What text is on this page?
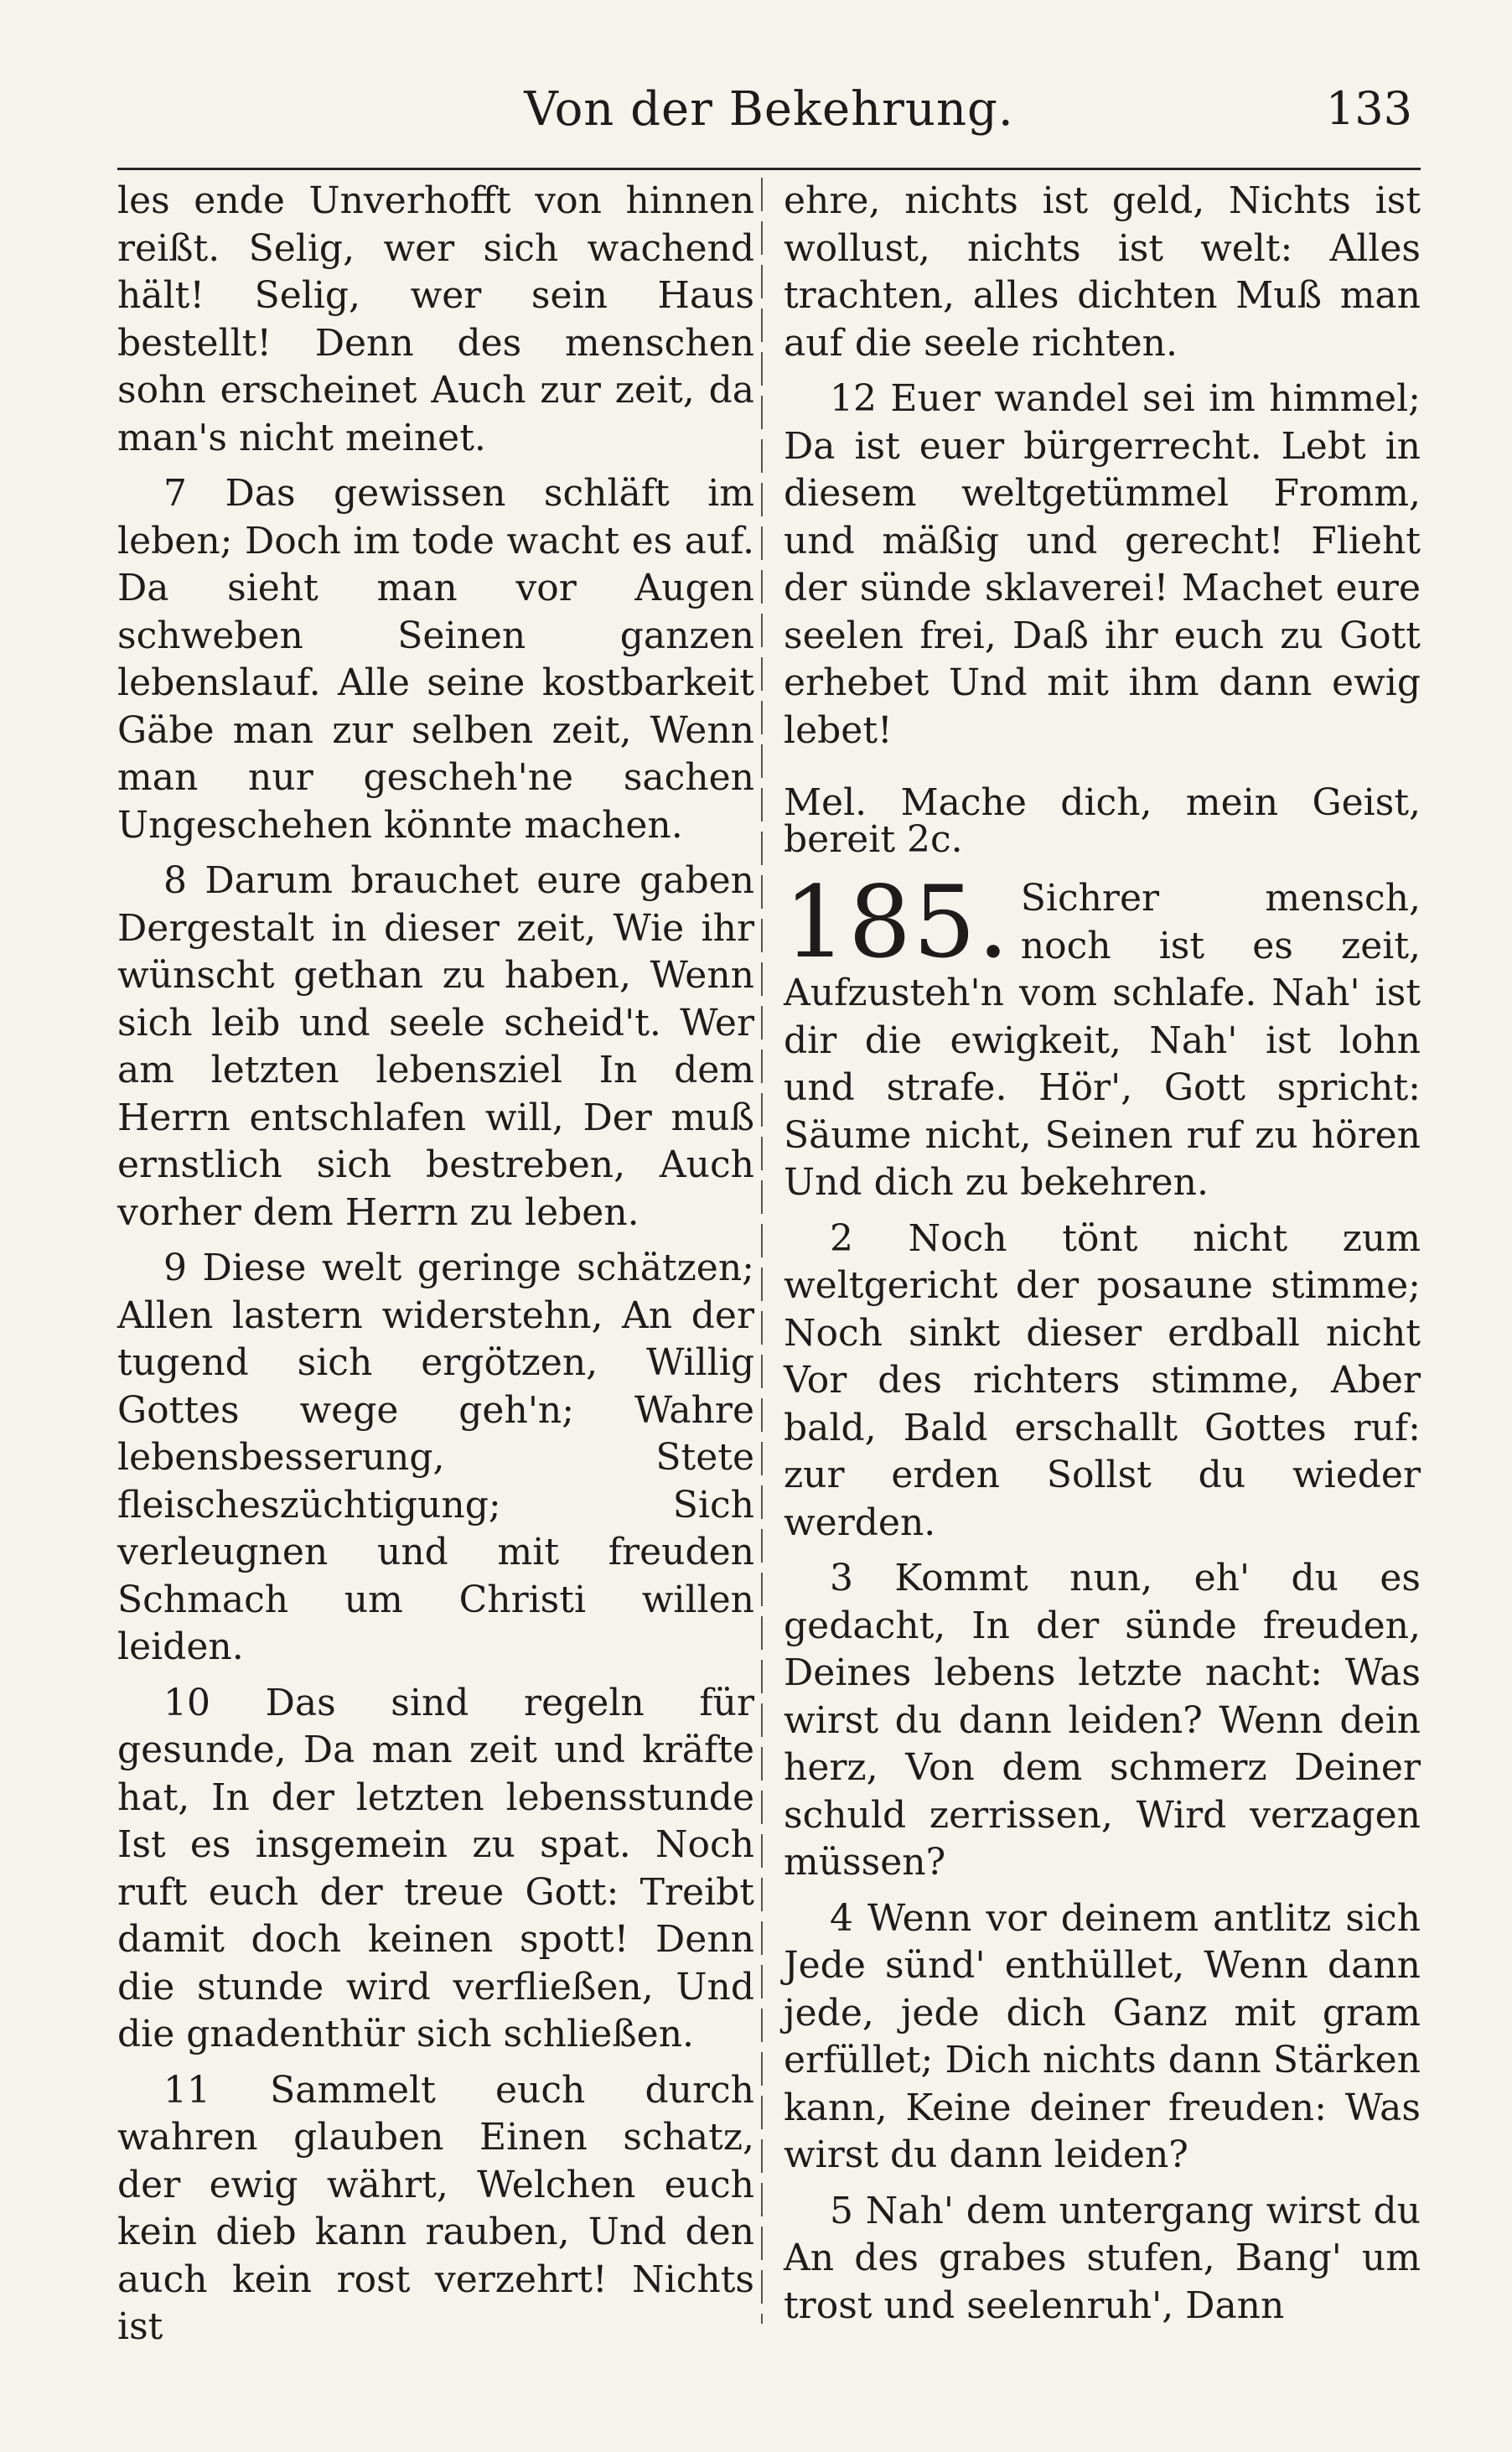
Von der Bekehrung.	133

les ende Unverhofft von hinnen reißt. Selig, wer sich wachend hält! Selig, wer sein Haus bestellt! Denn des menschen sohn erscheinet Auch zur zeit, da man's nicht meinet.

7 Das gewissen schläft im leben; Doch im tode wacht es auf. Da sieht man vor Augen schweben Seinen ganzen lebenslauf. Alle seine kostbarkeit Gäbe man zur selben zeit, Wenn man nur gescheh'ne sachen Ungeschehen könnte machen.

8 Darum brauchet eure gaben Dergestalt in dieser zeit, Wie ihr wünscht gethan zu haben, Wenn sich leib und seele scheid't. Wer am letzten lebensziel In dem Herrn entschlafen will, Der muß ernstlich sich bestreben, Auch vorher dem Herrn zu leben.

9 Diese welt geringe schätzen; Allen lastern widerstehn, An der tugend sich ergötzen, Willig Gottes wege geh'n; Wahre lebensbesserung, Stete fleischeszüchtigung; Sich verleugnen und mit freuden Schmach um Christi willen leiden.

10 Das sind regeln für gesunde, Da man zeit und kräfte hat, In der letzten lebensstunde Ist es insgemein zu spat. Noch ruft euch der treue Gott: Treibt damit doch keinen spott! Denn die stunde wird verfließen, Und die gnadenthür sich schließen.

11 Sammelt euch durch wahren glauben Einen schatz, der ewig währt, Welchen euch kein dieb kann rauben, Und den auch kein rost verzehrt! Nichts ist

ehre, nichts ist geld, Nichts ist wollust, nichts ist welt: Alles trachten, alles dichten Muß man auf die seele richten.

12 Euer wandel sei im himmel; Da ist euer bürgerrecht. Lebt in diesem weltgetümmel Fromm, und mäßig und gerecht! Flieht der sünde sklaverei! Machet eure seelen frei, Daß ihr euch zu Gott erhebet Und mit ihm dann ewig lebet!

Mel. Mache dich, mein Geist, bereit 2c.

185. Sichrer mensch, noch ist es zeit, Aufzusteh'n vom schlafe. Nah' ist dir die ewigkeit, Nah' ist lohn und strafe. Hör', Gott spricht: Säume nicht, Seinen ruf zu hören Und dich zu bekehren.

2 Noch tönt nicht zum weltgericht der posaune stimme; Noch sinkt dieser erdball nicht Vor des richters stimme, Aber bald, Bald erschallt Gottes ruf: zur erden Sollst du wieder werden.

3 Kommt nun, eh' du es gedacht, In der sünde freuden, Deines lebens letzte nacht: Was wirst du dann leiden? Wenn dein herz, Von dem schmerz Deiner schuld zerrissen, Wird verzagen müssen?

4 Wenn vor deinem antlitz sich Jede sünd' enthüllet, Wenn dann jede, jede dich Ganz mit gram erfüllet; Dich nichts dann Stärken kann, Keine deiner freuden: Was wirst du dann leiden?

5 Nah' dem untergang wirst du An des grabes stufen, Bang' um trost und seelenruh', Dann
